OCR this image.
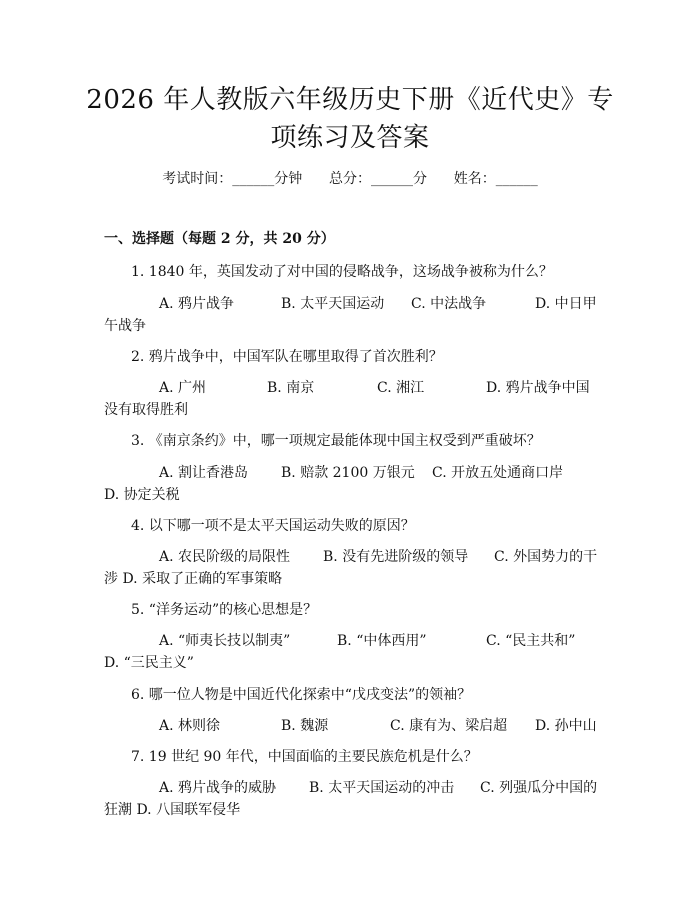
2026 年人教版六年级历史下册《近代史》专
项练习及答案
考试时间：______分钟      总分：______分      姓名：______
一、选择题（每题 2 分，共 20 分）
1. 1840 年，英国发动了对中国的侵略战争，这场战争被称为什么？
A. 鸦片战争	B. 太平天国运动 C. 中法战争	D. 中日甲
午战争
2. 鸦片战争中，中国军队在哪里取得了首次胜利？
A. 广州	B. 南京	C. 湘江	D. 鸦片战争中国
没有取得胜利
3. 《南京条约》中，哪一项规定最能体现中国主权受到严重破坏？
A. 割让香港岛 B. 赔款 2100 万银元 C. 开放五处通商口岸
D. 协定关税
4. 以下哪一项不是太平天国运动失败的原因？
A. 农民阶级的局限性 B. 没有先进阶级的领导 C. 外国势力的干
涉 D. 采取了正确的军事策略
5. “洋务运动”的核心思想是？
A. “师夷长技以制夷”	B. “中体西用”	C. “民主共和”
D. “三民主义”
6. 哪一位人物是中国近代化探索中“戊戌变法”的领袖？
A. 林则徐	B. 魏源	C. 康有为、梁启超 D. 孙中山
7. 19 世纪 90 年代，中国面临的主要民族危机是什么？
A. 鸦片战争的威胁 B. 太平天国运动的冲击 C. 列强瓜分中国的
狂潮 D. 八国联军侵华
